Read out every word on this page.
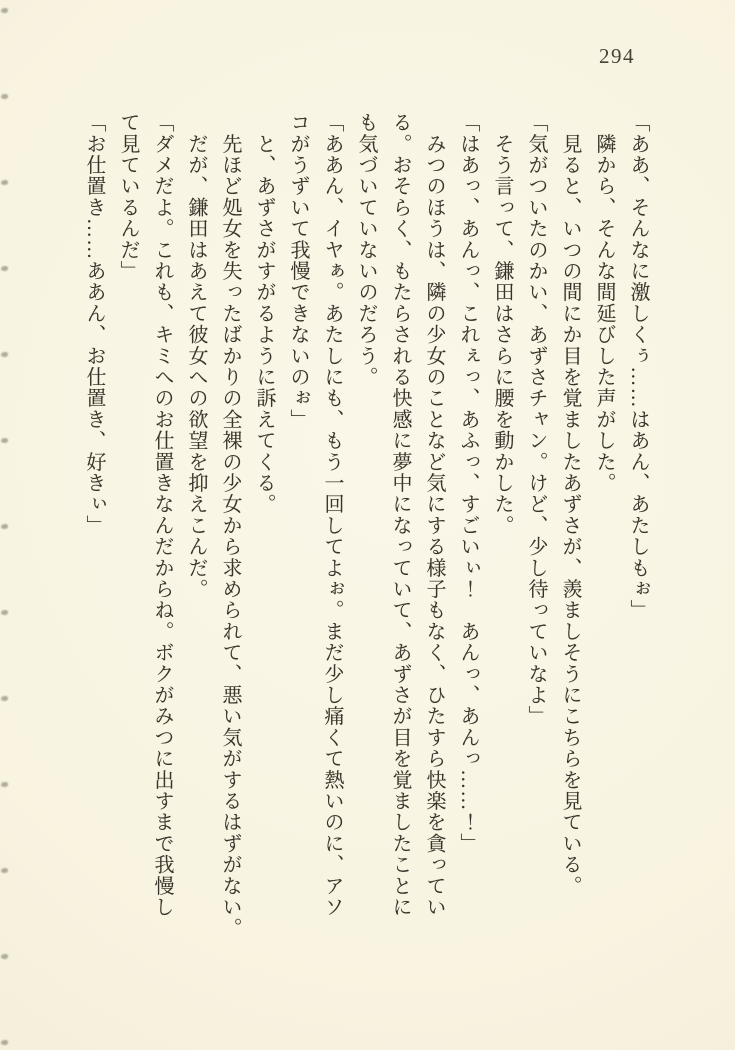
294

「ああ、そんなに激しくぅ……はあん、あたしもぉ」

　隣から、そんな間延びした声がした。

　見ると、いつの間にか目を覚ましたあずさが、羨ましそうにこちらを見ている。

「気がついたのかい、あずさチャン。けど、少し待っていなよ」

　そう言って、鎌田はさらに腰を動かした。

「はあっ、あんっ、これぇっ、あふっ、すごいぃ！　あんっ、あんっ……！」

　みつのほうは、隣の少女のことなど気にする様子もなく、ひたすら快楽を貪ってい

る。おそらく、もたらされる快感に夢中になっていて、あずさが目を覚ましたことに

も気づいていないのだろう。

「ああん、イヤぁ。あたしにも、もう一回してよぉ。まだ少し痛くて熱いのに、アソ

コがうずいて我慢できないのぉ」

　と、あずさがすがるように訴えてくる。

　先ほど処女を失ったばかりの全裸の少女から求められて、悪い気がするはずがない。

　だが、鎌田はあえて彼女への欲望を抑えこんだ。

「ダメだよ。これも、キミへのお仕置きなんだからね。ボクがみつに出すまで我慢し

て見ているんだ」

「お仕置き……ああん、お仕置き、好きぃ」
